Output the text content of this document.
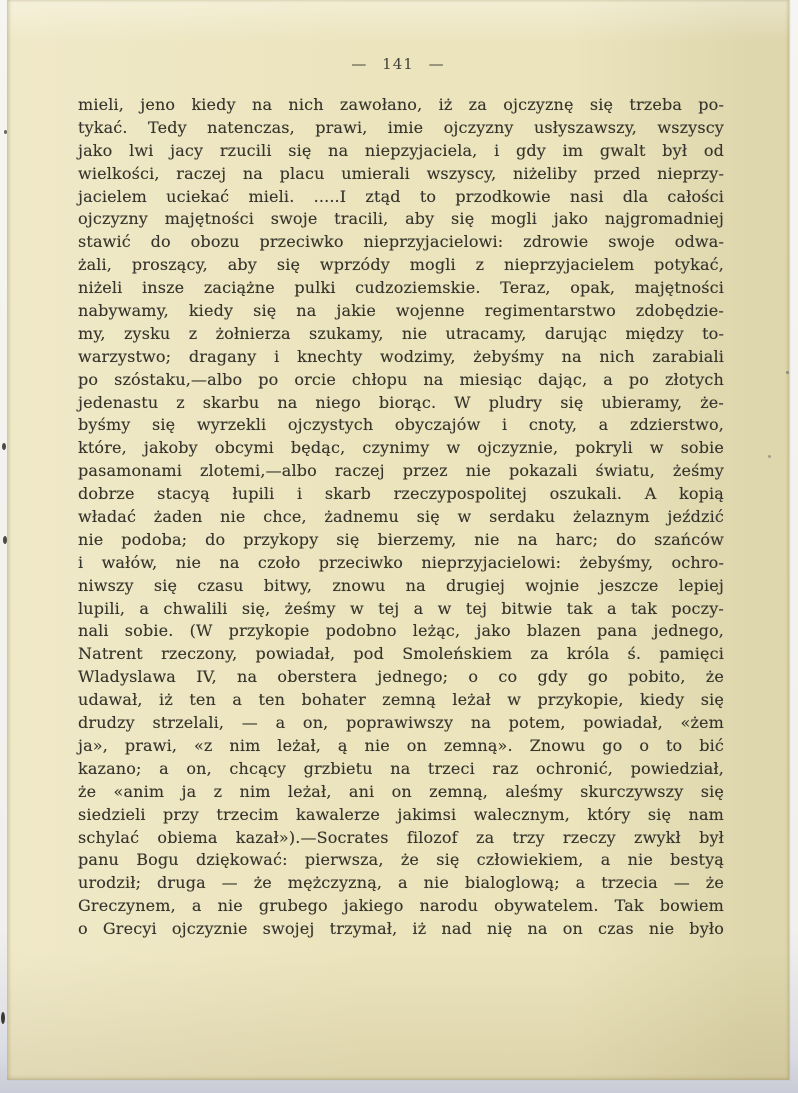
— 141 —
mieli, jeno kiedy na nich zawołano, iż za ojczyznę się trzeba po-
tykać. Tedy natenczas, prawi, imie ojczyzny usłyszawszy, wszyscy
jako lwi jacy rzucili się na niepzyjaciela, i gdy im gwalt był od
wielkości, raczej na placu umierali wszyscy, niżeliby przed nieprzy-
jacielem uciekać mieli. .....I ztąd to przodkowie nasi dla całości
ojczyzny majętności swoje tracili, aby się mogli jako najgromadniej
stawić do obozu przeciwko nieprzyjacielowi: zdrowie swoje odwa-
żali, proszący, aby się wprzódy mogli z nieprzyjacielem potykać,
niżeli insze zaciążne pulki cudzoziemskie. Teraz, opak, majętności
nabywamy, kiedy się na jakie wojenne regimentarstwo zdobędzie-
my, zysku z żołnierza szukamy, nie utracamy, darując między to-
warzystwo; dragany i knechty wodzimy, żebyśmy na nich zarabiali
po szóstaku,—albo po orcie chłopu na miesiąc dając, a po złotych
jedenastu z skarbu na niego biorąc. W pludry się ubieramy, że-
byśmy się wyrzekli ojczystych obyczajów i cnoty, a zdzierstwo,
które, jakoby obcymi będąc, czynimy w ojczyznie, pokryli w sobie
pasamonami zlotemi,—albo raczej przez nie pokazali światu, żeśmy
dobrze stacyą łupili i skarb rzeczypospolitej oszukali. A kopią
władać żaden nie chce, żadnemu się w serdaku żelaznym jeździć
nie podoba; do przykopy się bierzemy, nie na harc; do szańców
i wałów, nie na czoło przeciwko nieprzyjacielowi: żebyśmy, ochro-
niwszy się czasu bitwy, znowu na drugiej wojnie jeszcze lepiej
lupili, a chwalili się, żeśmy w tej a w tej bitwie tak a tak poczy-
nali sobie. (W przykopie podobno leżąc, jako blazen pana jednego,
Natrent rzeczony, powiadał, pod Smoleńskiem za króla ś. pamięci
Wladyslawa IV, na oberstera jednego; o co gdy go pobito, że
udawał, iż ten a ten bohater zemną leżał w przykopie, kiedy się
drudzy strzelali, — a on, poprawiwszy na potem, powiadał, «żem
ja», prawi, «z nim leżał, ą nie on zemną». Znowu go o to bić
kazano; a on, chcący grzbietu na trzeci raz ochronić, powiedział,
że «anim ja z nim leżał, ani on zemną, aleśmy skurczywszy się
siedzieli przy trzecim kawalerze jakimsi walecznym, który się nam
schylać obiema kazał»).—Socrates filozof za trzy rzeczy zwykł był
panu Bogu dziękować: pierwsza, że się człowiekiem, a nie bestyą
urodził; druga — że mężczyzną, a nie bialoglową; a trzecia — że
Greczynem, a nie grubego jakiego narodu obywatelem. Tak bowiem
o Grecyi ojczyznie swojej trzymał, iż nad nię na on czas nie było
